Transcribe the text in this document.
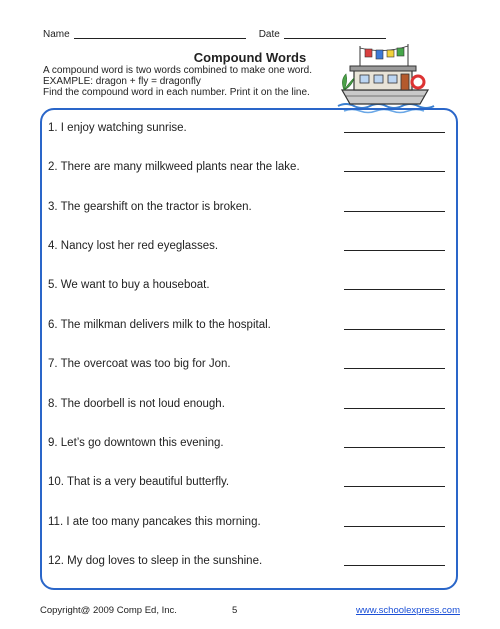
Name	Date
Compound Words
A compound word is two words combined to make one word.
EXAMPLE: dragon + fly = dragonfly
Find the compound word in each number. Print it on the line.
1. I enjoy watching sunrise.
2. There are many milkweed plants near the lake.
3. The gearshift on the tractor is broken.
4. Nancy lost her red eyeglasses.
5. We want to buy a houseboat.
6. The milkman delivers milk to the hospital.
7. The overcoat was too big for Jon.
8. The doorbell is not loud enough.
9. Let’s go downtown this evening.
10. That is a very beautiful butterfly.
11. I ate too many pancakes this morning.
12. My dog loves to sleep in the sunshine.
Copyright@ 2009 Comp Ed, Inc.	5	www.schoolexpress.com
